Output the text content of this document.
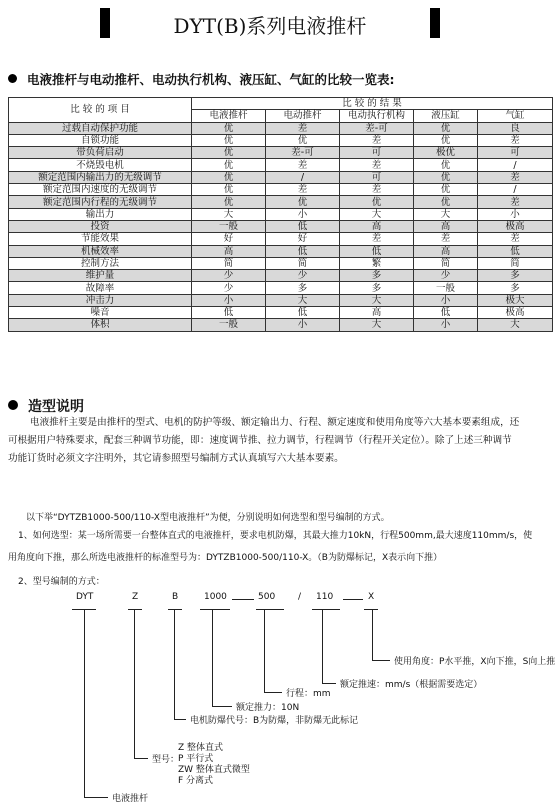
DYT(B)系列电液推杆
电液推杆与电动推杆、电动执行机构、液压缸、气缸的比较一览表:
比 较 的 项 目	比 较 的 结 果				
	电液推杆	电动推杆	电动执行机构	液压缸	气缸
过载自动保护功能	优	差	差-可	优	良
自锁功能	优	优	差	优	差
带负荷启动	优	差-可	可	极优	可
不烧毁电机	优	差	差	优	/
额定范围内输出力的无级调节	优	/	可	优	差
额定范围内速度的无级调节	优	差	差	优	/
额定范围内行程的无级调节	优	优	优	优	差
输出力	大	小	大	大	小
投资	一般	低	高	高	极高
节能效果	好	好	差	差	差
机械效率	高	低	低	高	低
控制方法	简	简	繁	简	简
维护量	少	少	多	少	多
故障率	少	多	多	一般	多
冲击力	小	大	大	小	极大
噪音	低	低	高	低	极高
体积	一般	小	大	小	大
造型说明
电液推杆主要是由推杆的型式、电机的防护等级、额定输出力、行程、额定速度和使用角度等六大基本要素组成，还
可根据用户特殊要求，配套三种调节功能，即：速度调节推、拉力调节，行程调节（行程开关定位）。除了上述三种调节
功能订货时必须文字注明外，其它请参照型号编制方式认真填写六大基本要素。
以下举“DYTZB1000-500/110-X型电液推杆”为便，分别说明如何选型和型号编制的方式。
1、如何选型：某一场所需要一台整体直式的电液推杆，要求电机防爆，其最大推力10kN，行程500mm,最大速度110mm/s，使
用角度向下推，那么所选电液推杆的标准型号为：DYTZB1000-500/110-X。（B为防爆标记，X表示向下推）
2、型号编制的方式：
DYT	Z	B	1000	500	/ 110	X
使用角度：P水平推，X向下推，S向上推
额定推速：mm/s（根据需要选定）
行程：mm
额定推力：10N
电机防爆代号：B为防爆，非防爆无此标记
型号：
Z 整体直式
P 平行式
ZW 整体直式微型
F 分离式
电液推杆
